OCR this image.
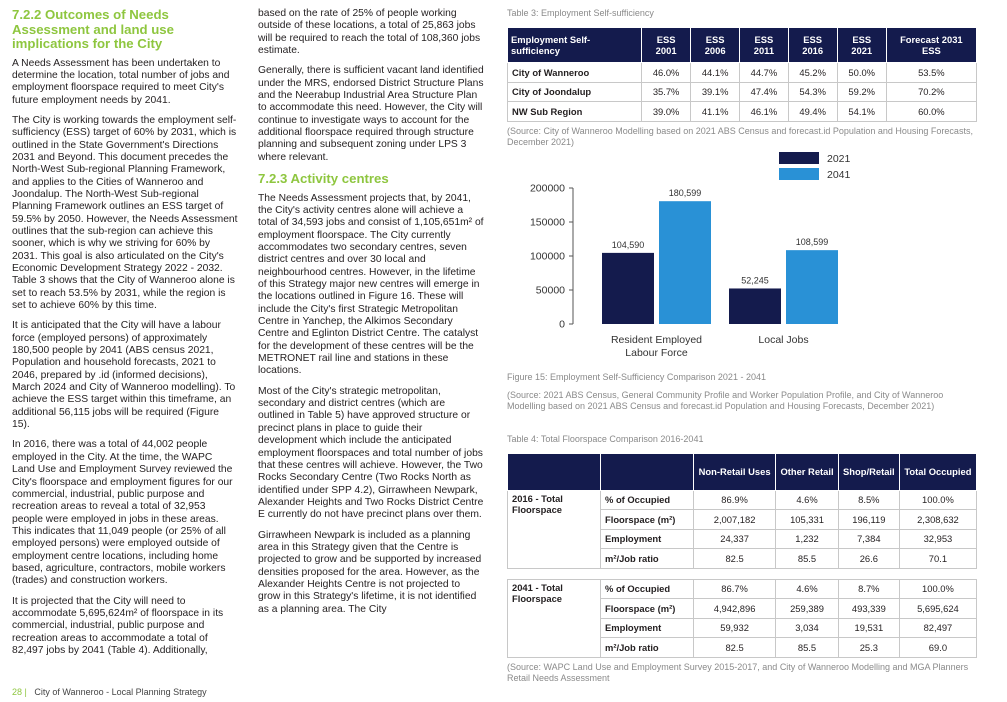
7.2.2 Outcomes of Needs Assessment and land use implications for the City

A Needs Assessment has been undertaken to determine the location, total number of jobs and employment floorspace required to meet City's future employment needs by 2041.

The City is working towards the employment self-sufficiency (ESS) target of 60% by 2031, which is outlined in the State Government's Directions 2031 and Beyond. This document precedes the North-West Sub-regional Planning Framework, and applies to the Cities of Wanneroo and Joondalup. The North-West Sub-regional Planning Framework outlines an ESS target of 59.5% by 2050. However, the Needs Assessment outlines that the sub-region can achieve this sooner, which is why we striving for 60% by 2031. This goal is also articulated on the City's Economic Development Strategy 2022 - 2032. Table 3 shows that the City of Wanneroo alone is set to reach 53.5% by 2031, while the region is set to achieve 60% by this time.

It is anticipated that the City will have a labour force (employed persons) of approximately 180,500 people by 2041 (ABS census 2021, Population and household forecasts, 2021 to 2046, prepared by .id (informed decisions), March 2024 and City of Wanneroo modelling). To achieve the ESS target within this timeframe, an additional 56,115 jobs will be required (Figure 15).

In 2016, there was a total of 44,002 people employed in the City. At the time, the WAPC Land Use and Employment Survey reviewed the City's floorspace and employment figures for our commercial, industrial, public purpose and recreation areas to reveal a total of 32,953 people were employed in jobs in these areas. This indicates that 11,049 people (or 25% of all employed persons) were employed outside of employment centre locations, including home based, agriculture, contractors, mobile workers (trades) and construction workers.

It is projected that the City will need to accommodate 5,695,624m² of floorspace in its commercial, industrial, public purpose and recreation areas to accommodate a total of 82,497 jobs by 2041 (Table 4). Additionally,

based on the rate of 25% of people working outside of these locations, a total of 25,863 jobs will be required to reach the total of 108,360 jobs estimate.

Generally, there is sufficient vacant land identified under the MRS, endorsed District Structure Plans and the Neerabup Industrial Area Structure Plan to accommodate this need. However, the City will continue to investigate ways to account for the additional floorspace required through structure planning and subsequent zoning under LPS 3 where relevant.

7.2.3 Activity centres

The Needs Assessment projects that, by 2041, the City's activity centres alone will achieve a total of 34,593 jobs and consist of 1,105,651m² of employment floorspace. The City currently accommodates two secondary centres, seven district centres and over 30 local and neighbourhood centres. However, in the lifetime of this Strategy major new centres will emerge in the locations outlined in Figure 16. These will include the City's first Strategic Metropolitan Centre in Yanchep, the Alkimos Secondary Centre and Eglinton District Centre. The catalyst for the development of these centres will be the METRONET rail line and stations in these locations.

Most of the City's strategic metropolitan, secondary and district centres (which are outlined in Table 5) have approved structure or precinct plans in place to guide their development which include the anticipated employment floorspaces and total number of jobs that these centres will achieve. However, the Two Rocks Secondary Centre (Two Rocks North as identified under SPP 4.2), Girrawheen Newpark, Alexander Heights and Two Rocks District Centre E currently do not have precinct plans over them.

Girrawheen Newpark is included as a planning area in this Strategy given that the Centre is projected to grow and be supported by increased densities proposed for the area. However, as the Alexander Heights Centre is not projected to grow in this Strategy's lifetime, it is not identified as a planning area. The City

Table 3: Employment Self-sufficiency
Employment Self-sufficiency	ESS 2001	ESS 2006	ESS 2011	ESS 2016	ESS 2021	Forecast 2031 ESS
City of Wanneroo	46.0%	44.1%	44.7%	45.2%	50.0%	53.5%
City of Joondalup	35.7%	39.1%	47.4%	54.3%	59.2%	70.2%
NW Sub Region	39.0%	41.1%	46.1%	49.4%	54.1%	60.0%
(Source: City of Wanneroo Modelling based on 2021 ABS Census and forecast.id Population and Housing Forecasts, December 2021)
0
50000
100000
150000
200000
104,590
180,599
Resident Employed
Labour Force
52,245
108,599
Local Jobs
2021
2041
Figure 15: Employment Self-Sufficiency Comparison 2021 - 2041
(Source: 2021 ABS Census, General Community Profile and Worker Population Profile, and City of Wanneroo Modelling based on 2021 ABS Census and forecast.id Population and Housing Forecasts, December 2021)
Table 4: Total Floorspace Comparison 2016-2041
		Non-Retail Uses	Other Retail	Shop/Retail	Total Occupied
2016 - Total Floorspace	% of Occupied	86.9%	4.6%	8.5%	100.0%
	Floorspace (m²)	2,007,182	105,331	196,119	2,308,632
	Employment	24,337	1,232	7,384	32,953
	m²/Job ratio	82.5	85.5	26.6	70.1

2041 - Total Floorspace	% of Occupied	86.7%	4.6%	8.7%	100.0%
	Floorspace (m²)	4,942,896	259,389	493,339	5,695,624
	Employment	59,932	3,034	19,531	82,497
	m²/Job ratio	82.5	85.5	25.3	69.0
(Source: WAPC Land Use and Employment Survey 2015-2017, and City of Wanneroo Modelling and MGA Planners Retail Needs Assessment
28 | City of Wanneroo - Local Planning Strategy
